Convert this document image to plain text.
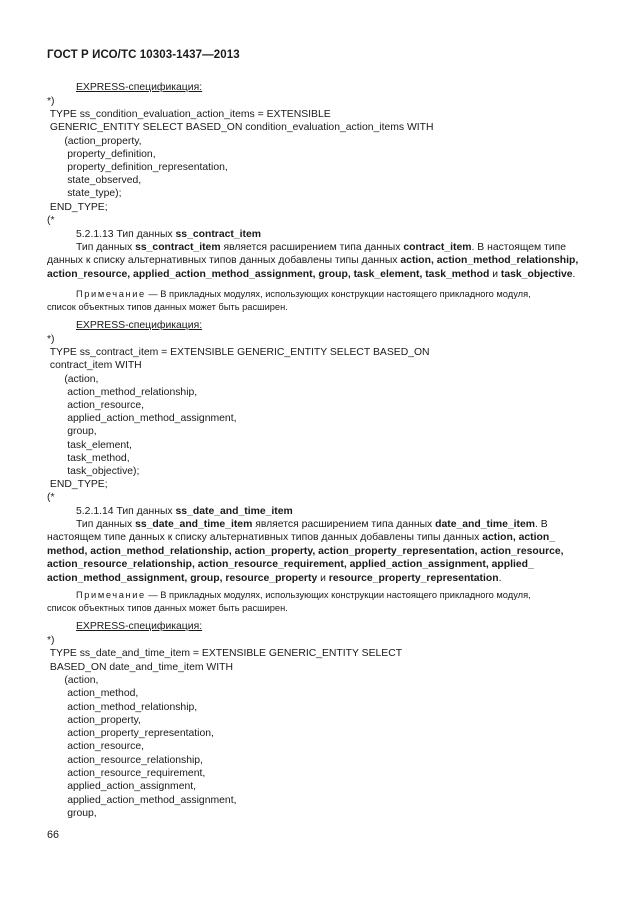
ГОСТ Р ИСО/ТС 10303-1437—2013
EXPRESS-спецификация:
*)
TYPE ss_condition_evaluation_action_items = EXTENSIBLE
GENERIC_ENTITY SELECT BASED_ON condition_evaluation_action_items WITH
(action_property,
property_definition,
property_definition_representation,
state_observed,
state_type);
END_TYPE;
(*
5.2.1.13 Тип данных ss_contract_item
Тип данных ss_contract_item является расширением типа данных contract_item. В настоящем типе
данных к списку альтернативных типов данных добавлены типы данных action, action_method_relationship,
action_resource, applied_action_method_assignment, group, task_element, task_method и task_objective.
Примечание — В прикладных модулях, использующих конструкции настоящего прикладного модуля,
список объектных типов данных может быть расширен.
EXPRESS-спецификация:
*)
TYPE ss_contract_item = EXTENSIBLE GENERIC_ENTITY SELECT BASED_ON
contract_item WITH
(action,
action_method_relationship,
action_resource,
applied_action_method_assignment,
group,
task_element,
task_method,
task_objective);
END_TYPE;
(*
5.2.1.14 Тип данных ss_date_and_time_item
Тип данных ss_date_and_time_item является расширением типа данных date_and_time_item. В
настоящем типе данных к списку альтернативных типов данных добавлены типы данных action, action_
method, action_method_relationship, action_property, action_property_representation, action_resource,
action_resource_relationship, action_resource_requirement, applied_action_assignment, applied_
action_method_assignment, group, resource_property и resource_property_representation.
Примечание — В прикладных модулях, использующих конструкции настоящего прикладного модуля,
список объектных типов данных может быть расширен.
EXPRESS-спецификация:
*)
TYPE ss_date_and_time_item = EXTENSIBLE GENERIC_ENTITY SELECT
BASED_ON date_and_time_item WITH
(action,
action_method,
action_method_relationship,
action_property,
action_property_representation,
action_resource,
action_resource_relationship,
action_resource_requirement,
applied_action_assignment,
applied_action_method_assignment,
group,
66
